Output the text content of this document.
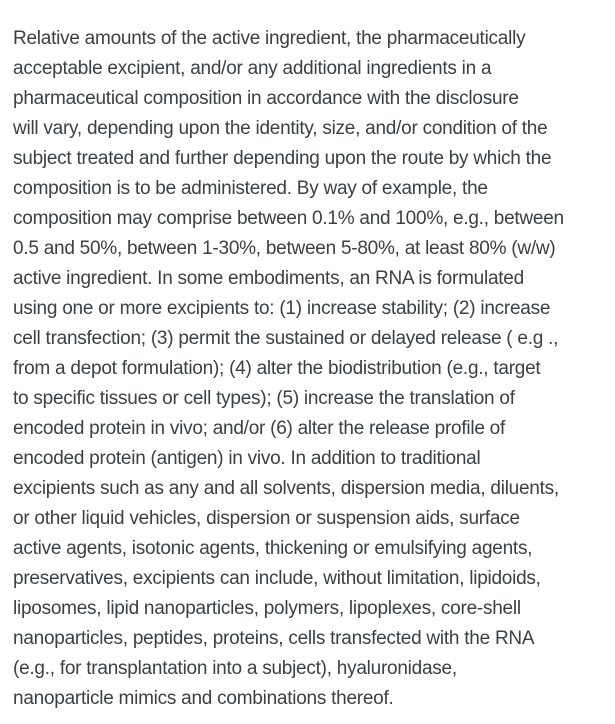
Relative amounts of the active ingredient, the pharmaceutically
acceptable excipient, and/or any additional ingredients in a
pharmaceutical composition in accordance with the disclosure
will vary, depending upon the identity, size, and/or condition of the
subject treated and further depending upon the route by which the
composition is to be administered. By way of example, the
composition may comprise between 0.1% and 100%, e.g., between
0.5 and 50%, between 1-30%, between 5-80%, at least 80% (w/w)
active ingredient. In some embodiments, an RNA is formulated
using one or more excipients to: (1) increase stability; (2) increase
cell transfection; (3) permit the sustained or delayed release ( e.g .,
from a depot formulation); (4) alter the biodistribution (e.g., target
to specific tissues or cell types); (5) increase the translation of
encoded protein in vivo; and/or (6) alter the release profile of
encoded protein (antigen) in vivo. In addition to traditional
excipients such as any and all solvents, dispersion media, diluents,
or other liquid vehicles, dispersion or suspension aids, surface
active agents, isotonic agents, thickening or emulsifying agents,
preservatives, excipients can include, without limitation, lipidoids,
liposomes, lipid nanoparticles, polymers, lipoplexes, core-shell
nanoparticles, peptides, proteins, cells transfected with the RNA
(e.g., for transplantation into a subject), hyaluronidase,
nanoparticle mimics and combinations thereof.
